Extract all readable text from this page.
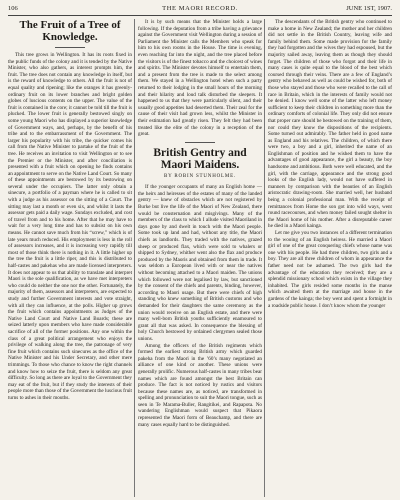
106	THE MAORI RECORD.	JUNE 1ST, 1907.

The Fruit of a Tree of Knowledge.

This tree grows in Wellington. It has its roots fixed in the public funds of the colony and it is tended by the Native Minister, who also gathers, as interest prompts him, the fruit. The tree does not contain any knowledge in itself, but is the reward of knowledge to others. All the fruit is not of equal quality and ripening; like the oranges it has greenly-ordinary fruit on its lower branches and bright golden globes of luscious contents on the upper. The value of the fruit is contained in the core; it cannot be told till the fruit is plucked. The lower fruit is generally bestowed singly on some young Maori who has displayed a superior knowledge of Government ways, and, perhaps, by the benefit of his tribe and to the embarrassment of the Government. The larger his popularity with his tribe, the quicker comes his call from the Native Minister to partake of the fruit of the tree. He receives an invitation to visit Wellington or to see the Premier or the Minister, and after conciliation is presented with a fruit which on opening he finds contains an appointment to serve on the Native Land Court. So many of these appointments are bestowed by its bestowing on several under the occupiers. The latter only obtain a sinecure, a portfolio of a payman where he is called to sit with a judge as his assessor on the sitting of a Court. The sitting may last a month or even six, and whilst it lasts the assessor gets paid a daily wage. Sundays excluded, and cost of travel from and to his home. After that he may have to wait for a very long time and has to subsist on his own means. He cannot save much from his “screw,” which is of late years much reduced. His employment is less in the roll of assessors increases, and it is increasing very rapidly till most of those think there is nothing in it. A little higher up the tree the fruit is a little riper, and this is distributed to half-castes and pakehas who are made licensed interpreters. It does not appear to us that ability to translate and interpret Maori is the sole qualification, as we have met interpreters who could do neither the one nor the other. Fortunately, the majority of them, assessors and interpreters, are expected to study and further Government interests and vote straight, with all they can influence, at the polls. Higher up grows the fruit which contains appointments as Judges of the Native Land Court and Native Land Boards; these are seized latterly upon members who have made considerable sacrifice of all of the former positions. Any one within the class of a great political arrangement who enjoys the privilege of walking along the tree, the patronage of very fine fruit which contains such sinecures as the office of the Native Minister and his Under Secretary, and other mere trimmings. To those who chance to know the right channels and know how to seize the fruit, there is seldom any great difficulty. So long as there are loyal to the Government they may eat of the fruit, but if they study the interests of their people more than those of the Government the luscious fruit turns to ashes in their mouths.

It is by such means that the Minister holds a large following. If the deputation from a tribe having a grievance against the Government visit Wellington during a session of Parliament the Minister calls the Members who speak for him to his own rooms in the House. The time is evening, even reaching far into the night, and the tree placed before the visitors is of the finest tobacco and the choicest of wines and spirits. The Minister devotes himself to entertain them, and a present from the tree is made to the select among them. We stayed in a Wellington hotel when such a party returned to their lodging in the small hours of the morning and their hilarity and loud talk disturbed the sleepers. It happened to us that they were particularly silent, and their usually good appetites had deserted them. Their zeal for the cause of their visit had grown less, whilst the Minister in their estimation had greatly risen. They felt they had been treated like the elite of the colony in a reception of the great.

British Gentry and Maori Maidens.

BY ROBIN STUNHOLME.

If the younger occupants of many an English home — the heirs and heiresses of the estates of many of the landed gentry — knew of obstacles which are not registered by Burke but live the life of the Maori of New Zealand, there would be consternation and misgivings. Many of the members of the class to which I allude visited Maoriland in days gone by and dwelt in touch with the Maori people. Some took up land and had, without any title, the Maori chiefs as landlords. They traded with the natives, grazed sheep or produced flax, which were sold to whalers or shipped to Sydney, whither went also the flax and produce produced by the Maoris and obtained from them in trade. It was seldom a European lived with or near the natives without becoming attached to a Maori maiden. The unions which followed were not legalised by law, but sanctioned by the consent of the chiefs and parents, binding, however, according to Maori usage. But there were chiefs of high standing who knew something of British customs and who demanded for their daughters the same ceremony as the union would receive on an English estate, and there were many well-born British youths sufficiently enamoured to grant all that was asked. In consequence the blessing of holy Church bestowed by ordained clergymen sealed those unions.

Among the officers of the British regiments which formed the earliest strong British army which guarded pakeha from the Maori in the ’60’s many negotiated an alliance of one kind or another. These unions were generally prolific. Numerous half-castes in many tribes bear names which are found amongst the best Britain can produce. The fact is not noticed by rustics and visitors because these names are, as noticed, are transformed in spelling and pronunciation to suit the Maori tongue, such as seen in Te Marama-Buller, Rangitikei, and Rapapota. No wandering Englishman would suspect that Pikaora represented the Maori form of Beauchamp, and there are many cases equally hard to be distinguished.

The descendants of the British gentry who continued to make a home in New Zealand; the mother and her children did not settle in the British Country, leaving wife and family behind them. Some made provision for the family they had forgotten and the wives they had espoused, but the majority sailed away, leaving them as though they should forget. The children of those who forgot and their life in many cases is quite equal to the blood of the best which coursed through their veins. There are a few of England’s gentry who behaved as well as could be wished for, both of those who stayed and those who were recalled to the call of race in Britain, which in the interests of family would not be denied. I know well some of the latter who left money sufficient to keep their children in something more than the ordinary comforts of colonial life. They only did not ensure that proper care should be bestowed on the training of them, nor could they know the dispositions of the recipients. Some turned out admirably. The father held in good name as England and his relatives. The children, of which there were two, a boy and a girl, inherited the name of an Englishman of position and he wished them to have the advantages of good appearance, the girl a beauty, the boy handsome and ambitious. Both were well educated, and the girl, with the carriage, appearance and the strong good looks of the English lady, would not have suffered in manners by comparison with the beauties of an English aristocratic drawing-room. She married well, her husband being a colonial professional man. With the receipt of remittances from Home the son got into wild ways, went round racecourses, and when money failed sought shelter in the Maori home of his mother. After a disreputable career he died in a Maori kainga.

Let me give you two instances of a different termination to the wooing of an English heiress. He married a Maori girl of one of the great conquering chiefs whose name was one with his people. He had three children, two girls and a boy. They are all three children of whom in appearance the father need not be ashamed. The two girls had the advantage of the education they received; they are a splendid missionary school which exists in the village they inhabited. The girls resided some months in the manse which awaited them at the marriage and house in the gardens of the kainga; the boy went and spent a fortnight in a roadside public house. I don’t know whom the younger
